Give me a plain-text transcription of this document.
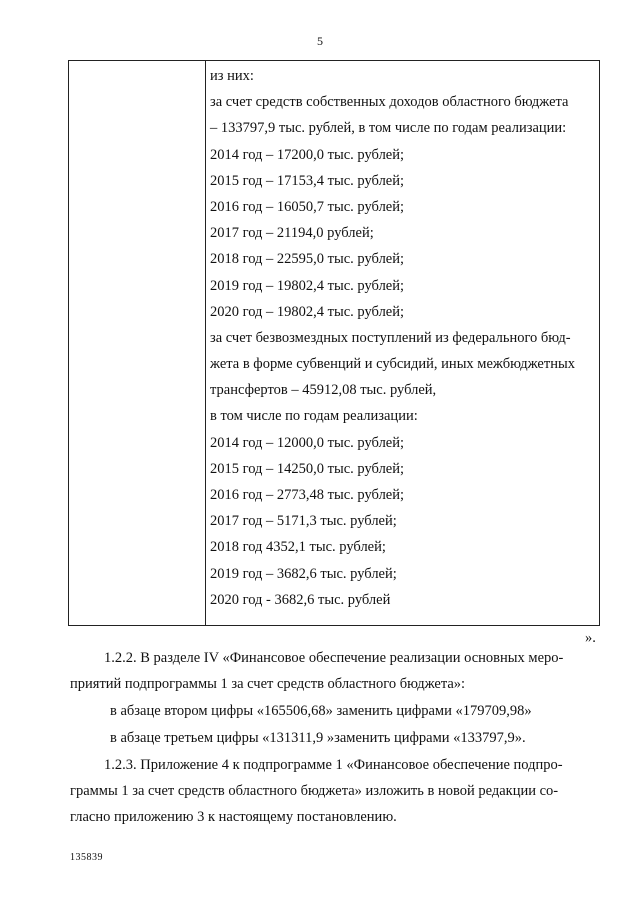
5
из них:
за счет средств собственных доходов областного бюджета
– 133797,9 тыс. рублей, в том числе по годам реализации:
2014 год – 17200,0 тыс. рублей;
2015 год – 17153,4 тыс. рублей;
2016 год – 16050,7 тыс. рублей;
2017 год – 21194,0 рублей;
2018 год – 22595,0 тыс. рублей;
2019 год – 19802,4 тыс. рублей;
2020 год – 19802,4 тыс. рублей;
за счет безвозмездных поступлений из федерального бюд-
жета в форме субвенций и субсидий, иных межбюджетных
трансфертов – 45912,08 тыс. рублей,
в том числе по годам реализации:
2014 год – 12000,0 тыс. рублей;
2015 год – 14250,0 тыс. рублей;
2016 год – 2773,48 тыс. рублей;
2017 год – 5171,3 тыс. рублей;
2018 год 4352,1 тыс. рублей;
2019 год – 3682,6 тыс. рублей;
2020 год - 3682,6 тыс. рублей
».
1.2.2. В разделе IV «Финансовое обеспечение реализации основных меро-
приятий подпрограммы 1 за счет средств областного бюджета»:
в абзаце втором цифры «165506,68» заменить цифрами «179709,98»
в абзаце третьем цифры «131311,9 »заменить цифрами «133797,9».
1.2.3. Приложение 4 к подпрограмме 1 «Финансовое обеспечение подпро-
граммы 1 за счет средств областного бюджета» изложить в новой редакции со-
гласно приложению 3 к настоящему постановлению.
135839
